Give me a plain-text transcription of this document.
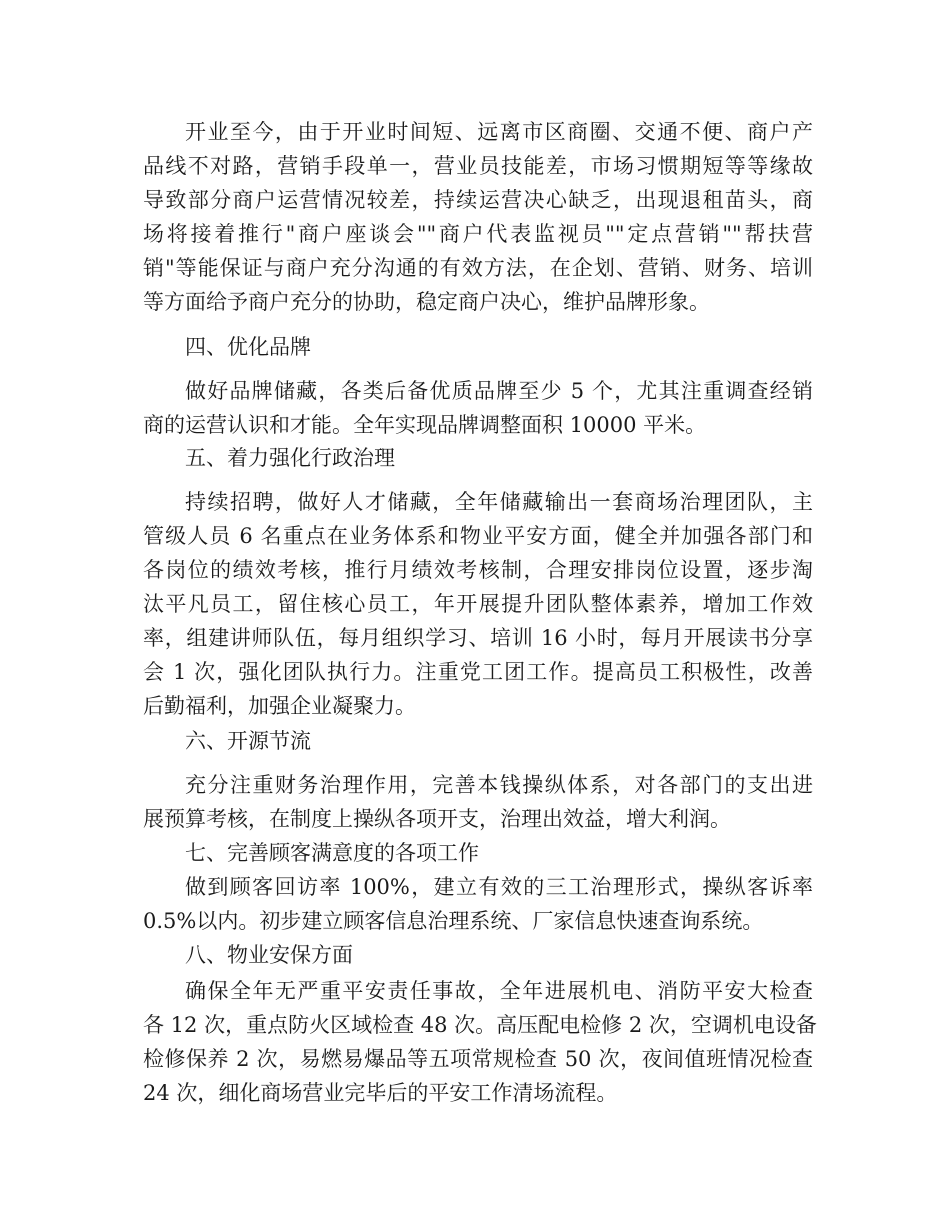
开业至今，由于开业时间短、远离市区商圈、交通不便、商户产
品线不对路，营销手段单一，营业员技能差，市场习惯期短等等缘故
导致部分商户运营情况较差，持续运营决心缺乏，出现退租苗头，商
场将接着推行"商户座谈会""商户代表监视员""定点营销""帮扶营
销"等能保证与商户充分沟通的有效方法，在企划、营销、财务、培训
等方面给予商户充分的协助，稳定商户决心，维护品牌形象。
四、优化品牌
做好品牌储藏，各类后备优质品牌至少 5 个，尤其注重调查经销
商的运营认识和才能。全年实现品牌调整面积 10000 平米。
五、着力强化行政治理
持续招聘，做好人才储藏，全年储藏输出一套商场治理团队，主
管级人员 6 名重点在业务体系和物业平安方面，健全并加强各部门和
各岗位的绩效考核，推行月绩效考核制，合理安排岗位设置，逐步淘
汰平凡员工，留住核心员工，年开展提升团队整体素养，增加工作效
率，组建讲师队伍，每月组织学习、培训 16 小时，每月开展读书分享
会 1 次，强化团队执行力。注重党工团工作。提高员工积极性，改善
后勤福利，加强企业凝聚力。
六、开源节流
充分注重财务治理作用，完善本钱操纵体系，对各部门的支出进
展预算考核，在制度上操纵各项开支，治理出效益，增大利润。
七、完善顾客满意度的各项工作
做到顾客回访率 100%，建立有效的三工治理形式，操纵客诉率
0.5%以内。初步建立顾客信息治理系统、厂家信息快速查询系统。
八、物业安保方面
确保全年无严重平安责任事故，全年进展机电、消防平安大检查
各 12 次，重点防火区域检查 48 次。高压配电检修 2 次，空调机电设备
检修保养 2 次，易燃易爆品等五项常规检查 50 次，夜间值班情况检查
24 次，细化商场营业完毕后的平安工作清场流程。
